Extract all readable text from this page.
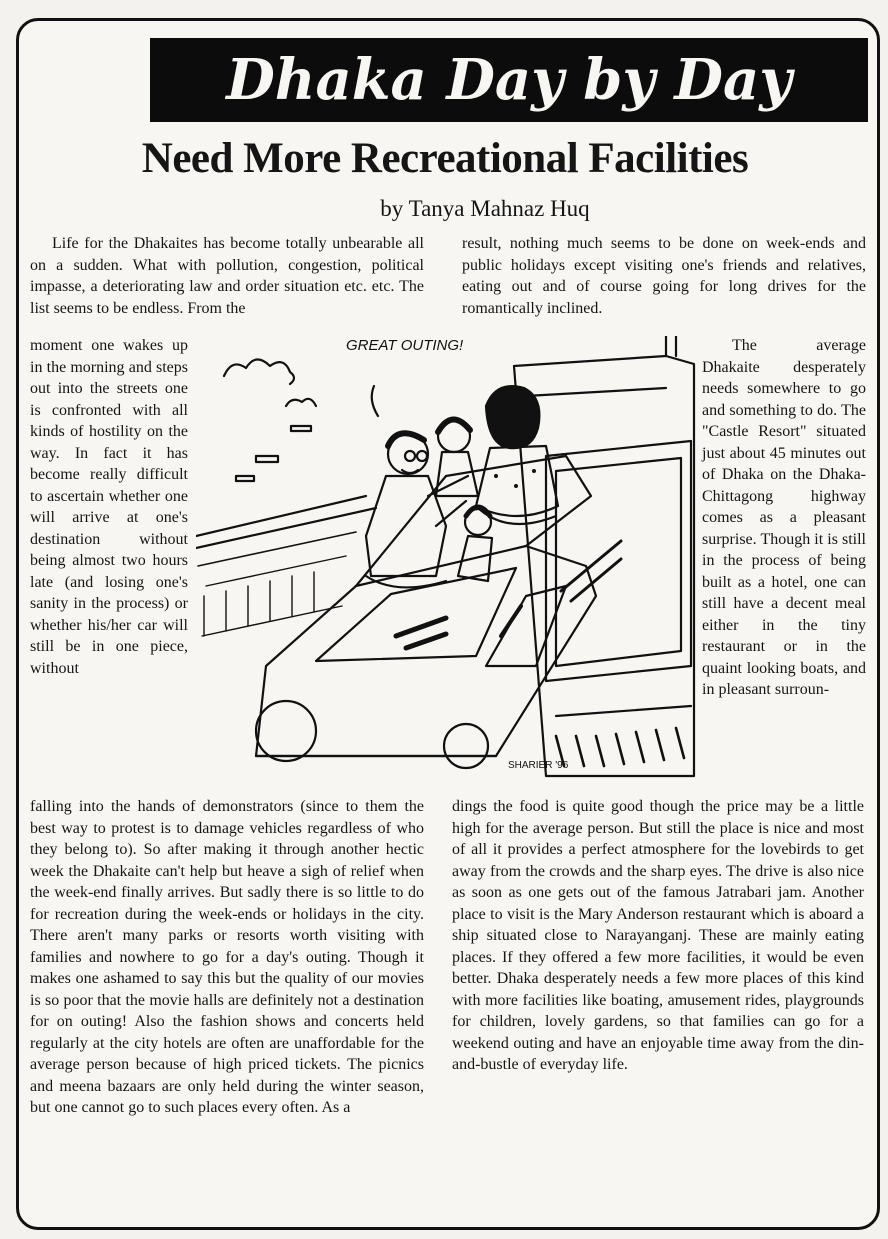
Dhaka Day by Day
Need More Recreational Facilities
by Tanya Mahnaz Huq

Life for the Dhakaites has become totally unbearable all on a sudden. What with pollution, congestion, political impasse, a deteriorating law and order situation etc. etc. The list seems to be endless. From the

result, nothing much seems to be done on week-ends and public holidays except visiting one's friends and relatives, eating out and of course going for long drives for the romantically inclined.

moment one wakes up in the morning and steps out into the streets one is confronted with all kinds of hostility on the way. In fact it has become really difficult to ascertain whether one will arrive at one's destination without being almost two hours late (and losing one's sanity in the process) or whether his/her car will still be in one piece, without

The average Dhakaite desperately needs somewhere to go and something to do. The "Castle Resort" situated just about 45 minutes out of Dhaka on the Dhaka-Chittagong highway comes as a pleasant surprise. Though it is still in the process of being built as a hotel, one can still have a decent meal either in the tiny restaurant or in the quaint looking boats, and in pleasant surroun-

falling into the hands of demonstrators (since to them the best way to protest is to damage vehicles regardless of who they belong to). So after making it through another hectic week the Dhakaite can't help but heave a sigh of relief when the week-end finally arrives. But sadly there is so little to do for recreation during the week-ends or holidays in the city. There aren't many parks or resorts worth visiting with families and nowhere to go for a day's outing. Though it makes one ashamed to say this but the quality of our movies is so poor that the movie halls are definitely not a destination for on outing! Also the fashion shows and concerts held regularly at the city hotels are often are unaffordable for the average person because of high priced tickets. The picnics and meena bazaars are only held during the winter season, but one cannot go to such places every often. As a

dings the food is quite good though the price may be a little high for the average person. But still the place is nice and most of all it provides a perfect atmosphere for the lovebirds to get away from the crowds and the sharp eyes. The drive is also nice as soon as one gets out of the famous Jatrabari jam. Another place to visit is the Mary Anderson restaurant which is aboard a ship situated close to Narayanganj. These are mainly eating places. If they offered a few more facilities, it would be even better. Dhaka desperately needs a few more places of this kind with more facilities like boating, amusement rides, playgrounds for children, lovely gardens, so that families can go for a weekend outing and have an enjoyable time away from the din-and-bustle of everyday life.

GREAT OUTING!
SHARIER '96
